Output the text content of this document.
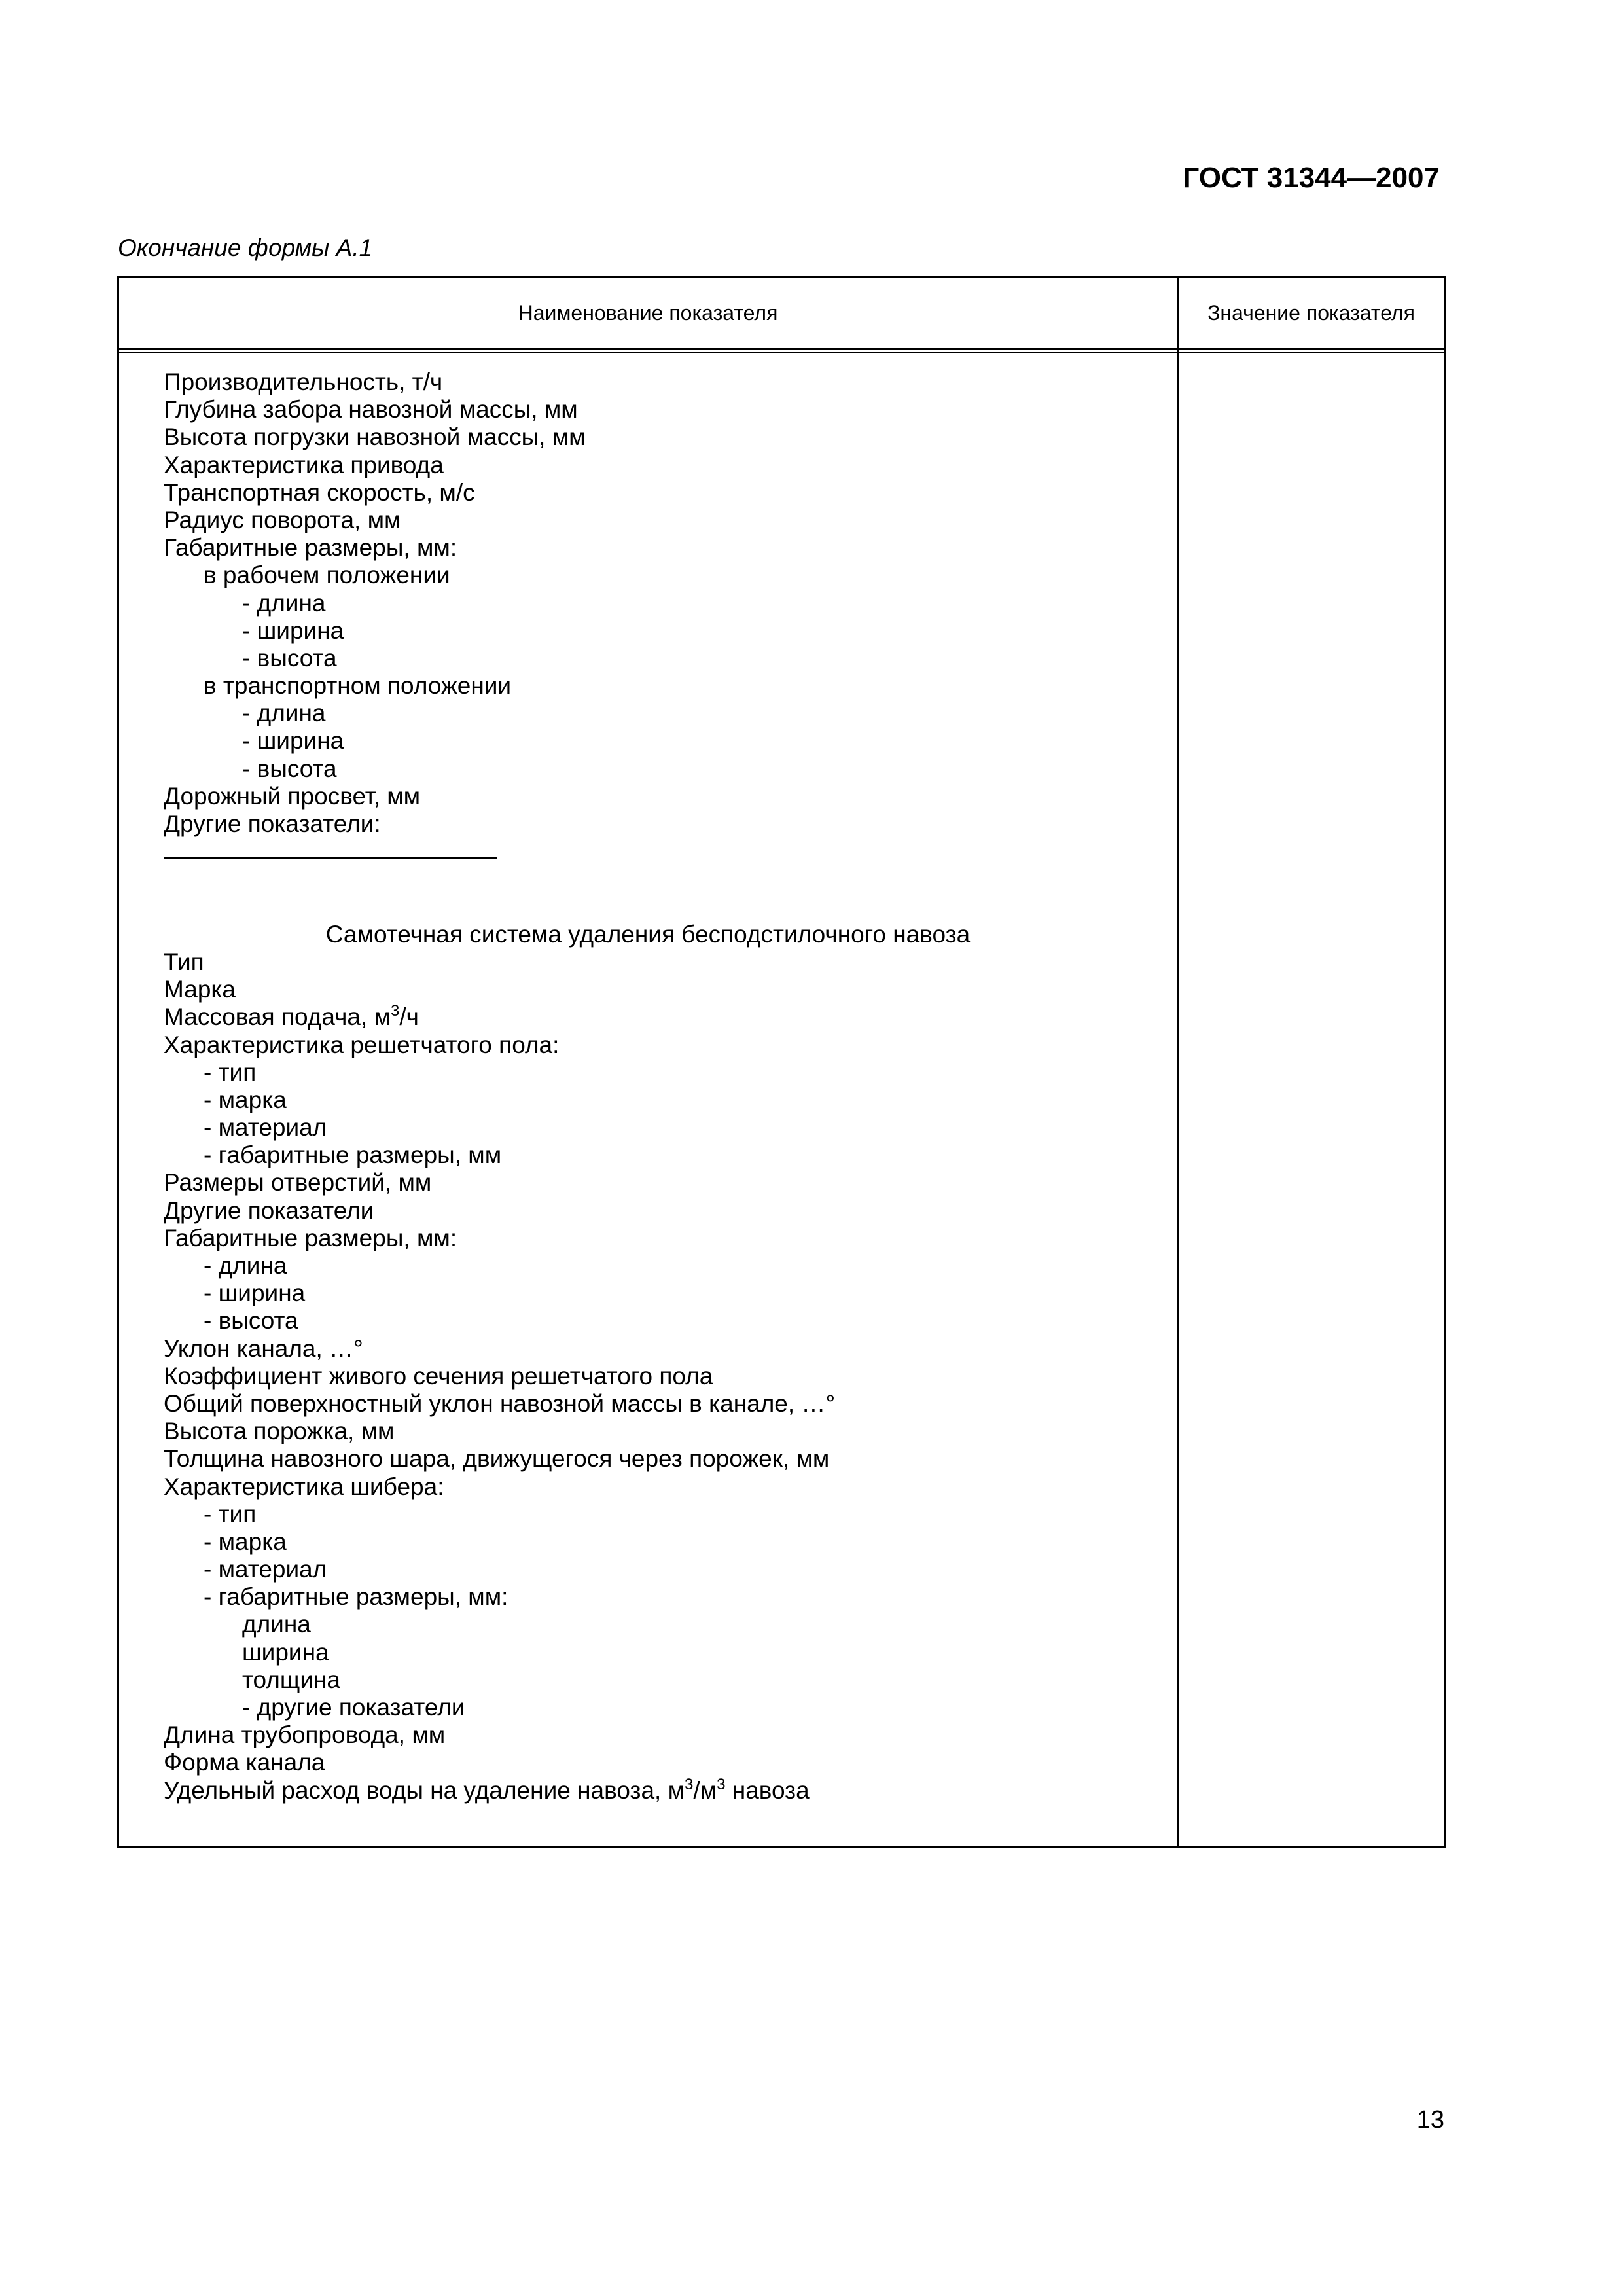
ГОСТ 31344—2007
Окончание формы А.1
Наименование показателя	Значение показателя
Производительность, т/ч
Глубина забора навозной массы, мм
Высота погрузки навозной массы, мм
Характеристика привода
Транспортная скорость, м/с
Радиус поворота, мм
Габаритные размеры, мм:
в рабочем положении
- длина
- ширина
- высота
в транспортном положении
- длина
- ширина
- высота
Дорожный просвет, мм
Другие показатели:
Самотечная система удаления бесподстилочного навоза
Тип
Марка
Массовая подача, $м^3/ч$
Характеристика решетчатого пола:
- тип
- марка
- материал
- габаритные размеры, мм
Размеры отверстий, мм
Другие показатели
Габаритные размеры, мм:
- длина
- ширина
- высота
Уклон канала, …°
Коэффициент живого сечения решетчатого пола
Общий поверхностный уклон навозной массы в канале, …°
Высота порожка, мм
Толщина навозного шара, движущегося через порожек, мм
Характеристика шибера:
- тип
- марка
- материал
- габаритные размеры, мм:
длина
ширина
толщина
- другие показатели
Длина трубопровода, мм
Форма канала
Удельный расход воды на удаление навоза, $м^3/м^3$ навоза
13
